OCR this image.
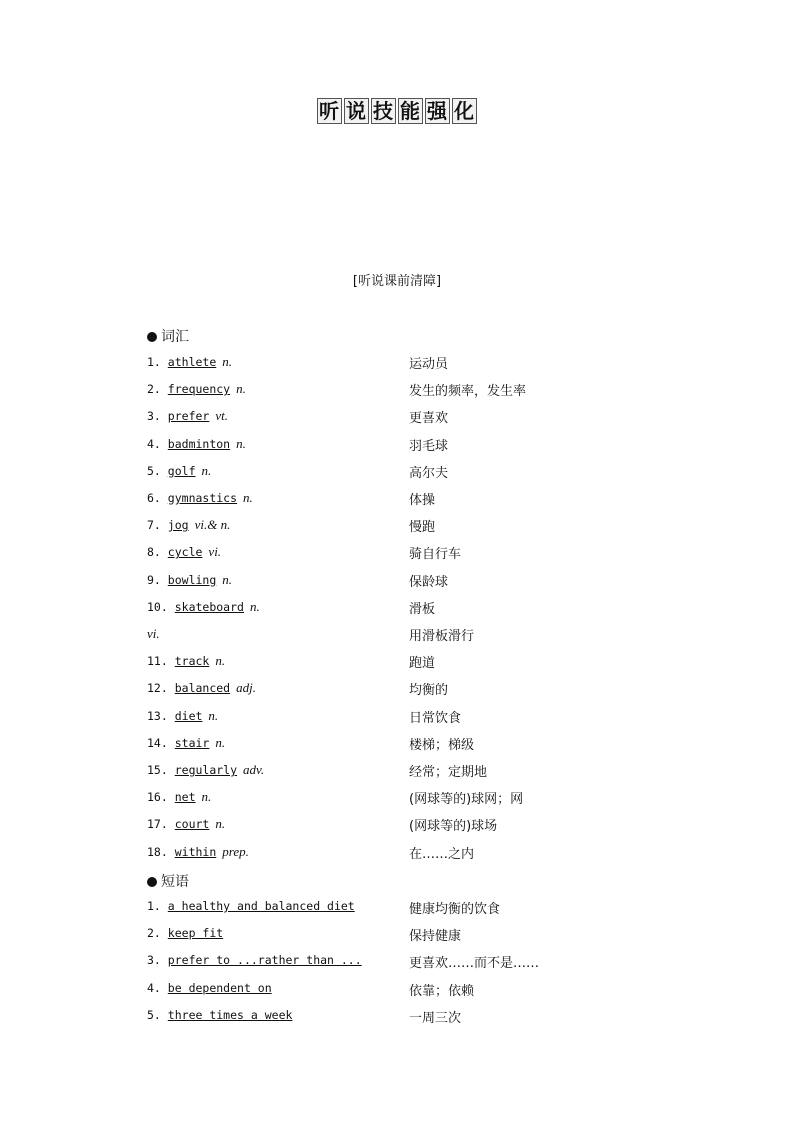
听 说 技 能 强 化
[听说课前清障]
词汇
1. athlete n.	运动员
2. frequency n.	发生的频率，发生率
3. prefer vt.	更喜欢
4. badminton n.	羽毛球
5. golf n.	高尔夫
6. gymnastics n.	体操
7. jog vi.& n.	慢跑
8. cycle vi.	骑自行车
9. bowling n.	保龄球
10. skateboard n.	滑板
vi.	用滑板滑行
11. track n.	跑道
12. balanced adj.	均衡的
13. diet n.	日常饮食
14. stair n.	楼梯；梯级
15. regularly adv.	经常；定期地
16. net n.	(网球等的)球网；网
17. court n.	(网球等的)球场
18. within prep.	在……之内
短语
1. a healthy and balanced diet	健康均衡的饮食
2. keep fit	保持健康
3. prefer to ...rather than ...	更喜欢……而不是……
4. be dependent on	依靠；依赖
5. three times a week	一周三次
